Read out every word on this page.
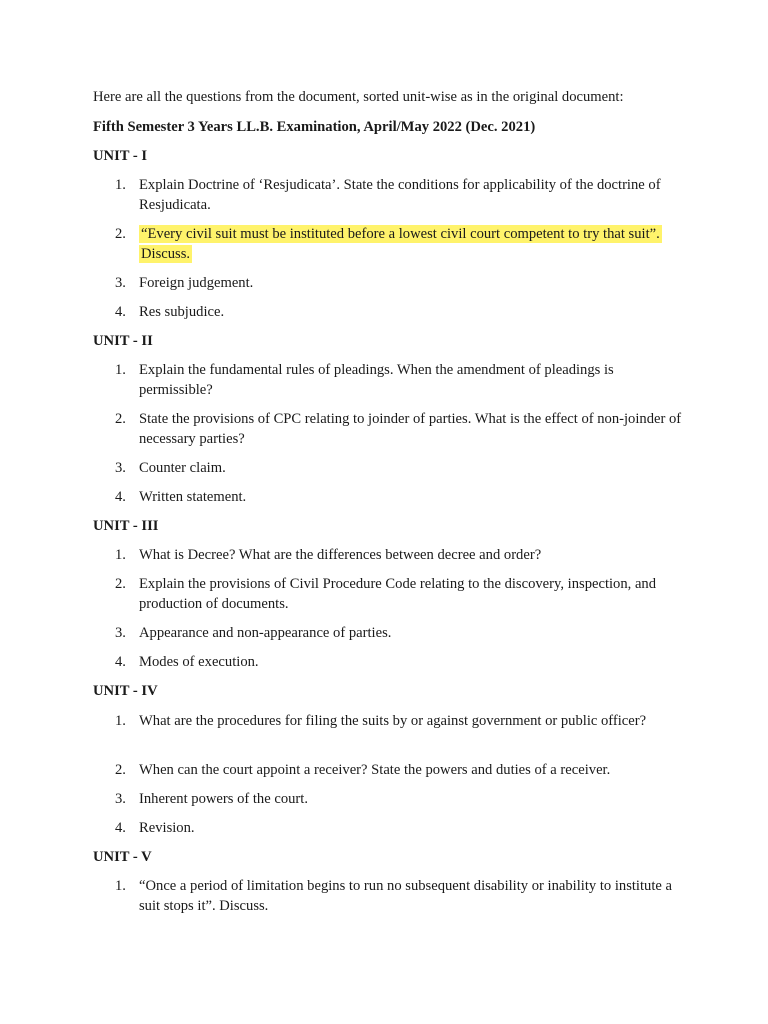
Here are all the questions from the document, sorted unit-wise as in the original document:

Fifth Semester 3 Years LL.B. Examination, April/May 2022 (Dec. 2021)

UNIT - I

1. Explain Doctrine of ‘Resjudicata’. State the conditions for applicability of the doctrine of Resjudicata.
2.	“Every civil suit must be instituted before a lowest civil court competent to try that suit”. Discuss.
3. Foreign judgement.
4. Res subjudice.

UNIT - II

1. Explain the fundamental rules of pleadings. When the amendment of pleadings is permissible?
2. State the provisions of CPC relating to joinder of parties. What is the effect of non-joinder of necessary parties?
3. Counter claim.
4. Written statement.

UNIT - III

1. What is Decree? What are the differences between decree and order?
2. Explain the provisions of Civil Procedure Code relating to the discovery, inspection, and production of documents.
3. Appearance and non-appearance of parties.
4. Modes of execution.

UNIT - IV

1. What are the procedures for filing the suits by or against government or public officer?
2. When can the court appoint a receiver? State the powers and duties of a receiver.
3. Inherent powers of the court.
4. Revision.

UNIT - V

1. “Once a period of limitation begins to run no subsequent disability or inability to institute a suit stops it”. Discuss.
